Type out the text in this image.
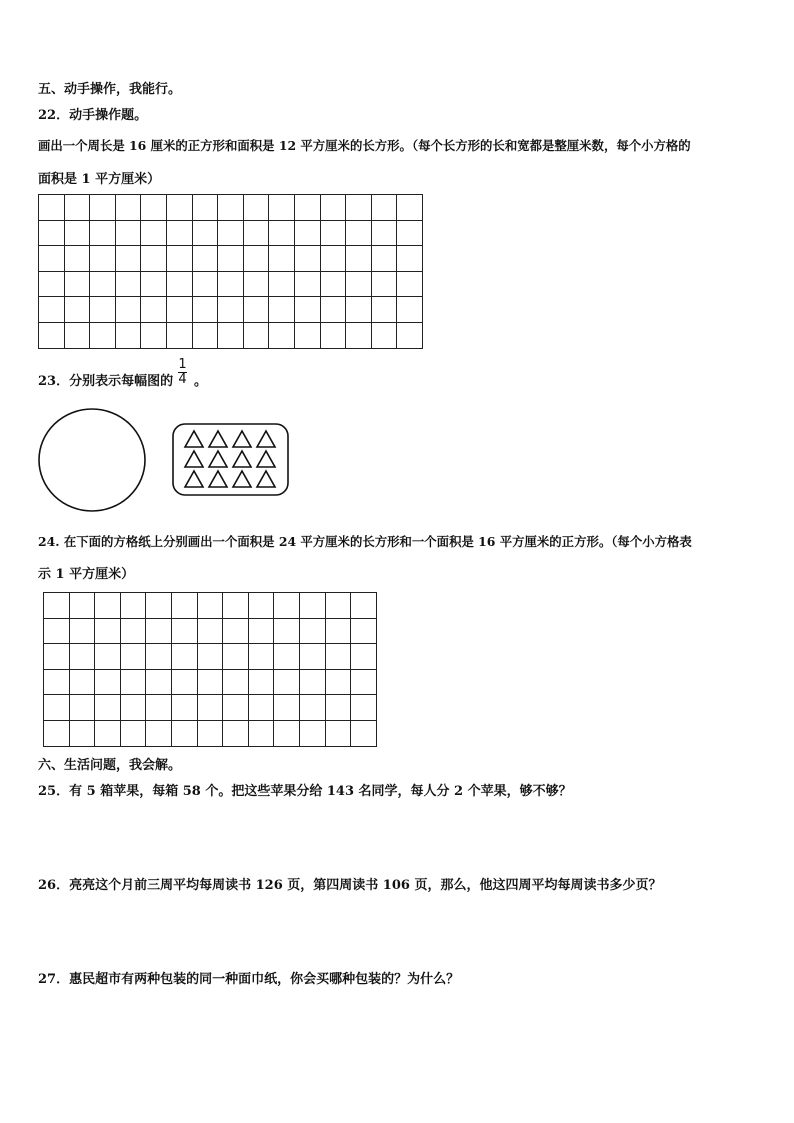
五、动手操作，我能行。
22．动手操作题。
画出一个周长是 16 厘米的正方形和面积是 12 平方厘米的长方形。（每个长方形的长和宽都是整厘米数，每个小方格的
面积是 1 平方厘米）

23．分别表示每幅图的
1
4 。
24. 在下面的方格纸上分别画出一个面积是 24 平方厘米的长方形和一个面积是 16 平方厘米的正方形。（每个小方格表
示 1 平方厘米）

六、生活问题，我会解。
25．有 5 箱苹果，每箱 58 个。把这些苹果分给 143 名同学，每人分 2 个苹果，够不够？
26．亮亮这个月前三周平均每周读书 126 页，第四周读书 106 页，那么，他这四周平均每周读书多少页？
27．惠民超市有两种包装的同一种面巾纸，你会买哪种包装的？为什么？
